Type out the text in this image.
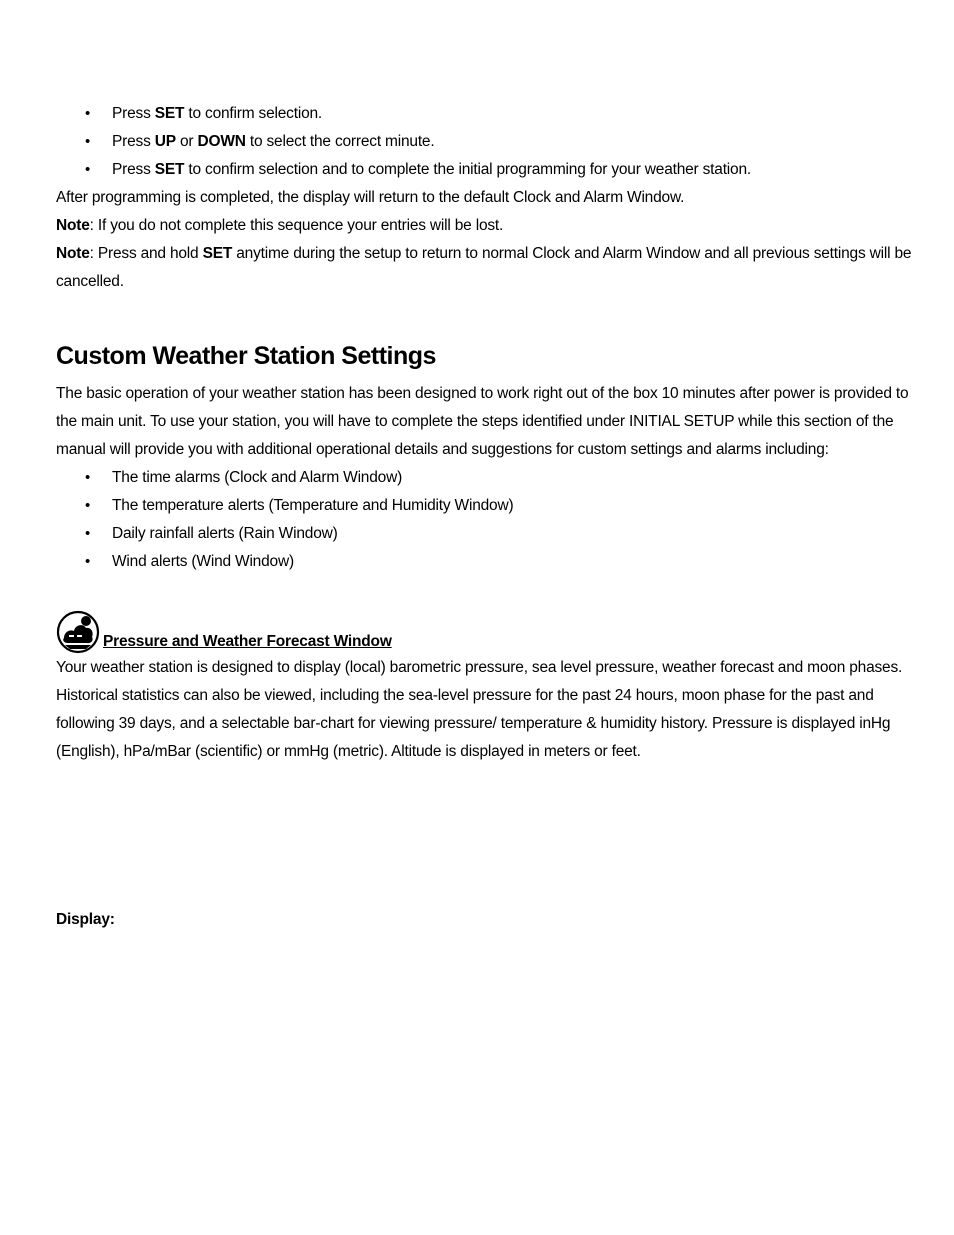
• Press SET to confirm selection.
• Press UP or DOWN to select the correct minute.
• Press SET to confirm selection and to complete the initial programming for your weather station.

After programming is completed, the display will return to the default Clock and Alarm Window.

Note: If you do not complete this sequence your entries will be lost.

Note: Press and hold SET anytime during the setup to return to normal Clock and Alarm Window and all previous settings will be cancelled.

Custom Weather Station Settings

The basic operation of your weather station has been designed to work right out of the box 10 minutes after power is provided to the main unit. To use your station, you will have to complete the steps identified under INITIAL SETUP while this section of the manual will provide you with additional operational details and suggestions for custom settings and alarms including:

• The time alarms (Clock and Alarm Window)
• The temperature alerts (Temperature and Humidity Window)
• Daily rainfall alerts (Rain Window)
• Wind alerts (Wind Window)
Pressure and Weather Forecast Window

Your weather station is designed to display (local) barometric pressure, sea level pressure, weather forecast and moon phases. Historical statistics can also be viewed, including the sea-level pressure for the past 24 hours, moon phase for the past and following 39 days, and a selectable bar-chart for viewing pressure/ temperature & humidity history. Pressure is displayed inHg (English), hPa/mBar (scientific) or mmHg (metric). Altitude is displayed in meters or feet.

Display:
